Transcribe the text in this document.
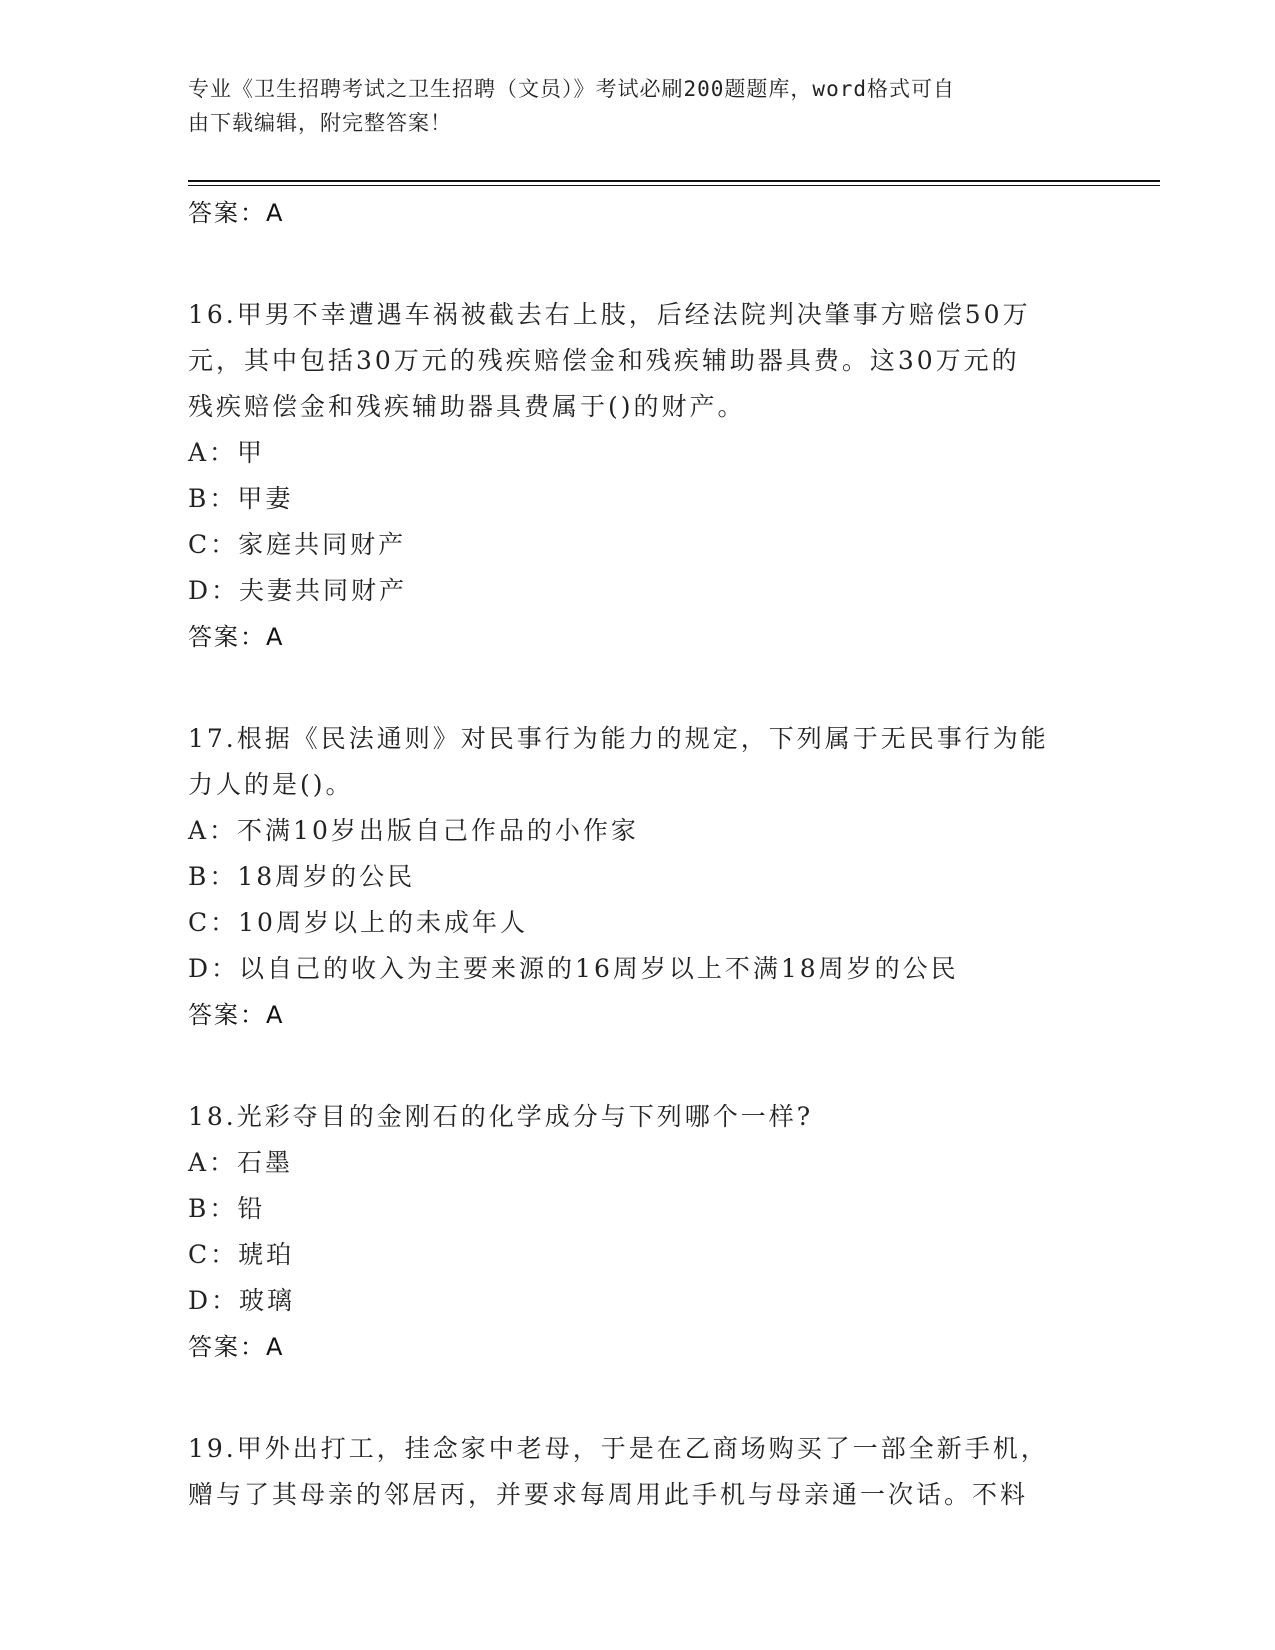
专业《卫生招聘考试之卫生招聘（文员）》考试必刷200题题库，word格式可自
由下载编辑，附完整答案！
答案：A
16.甲男不幸遭遇车祸被截去右上肢，后经法院判决肇事方赔偿50万
元，其中包括30万元的残疾赔偿金和残疾辅助器具费。这30万元的
残疾赔偿金和残疾辅助器具费属于()的财产。
A：甲
B：甲妻
C：家庭共同财产
D：夫妻共同财产
答案：A
17.根据《民法通则》对民事行为能力的规定，下列属于无民事行为能
力人的是()。
A：不满10岁出版自己作品的小作家
B：18周岁的公民
C：10周岁以上的未成年人
D：以自己的收入为主要来源的16周岁以上不满18周岁的公民
答案：A
18.光彩夺目的金刚石的化学成分与下列哪个一样?
A：石墨
B：铅
C：琥珀
D：玻璃
答案：A
19.甲外出打工，挂念家中老母，于是在乙商场购买了一部全新手机，
赠与了其母亲的邻居丙，并要求每周用此手机与母亲通一次话。不料
